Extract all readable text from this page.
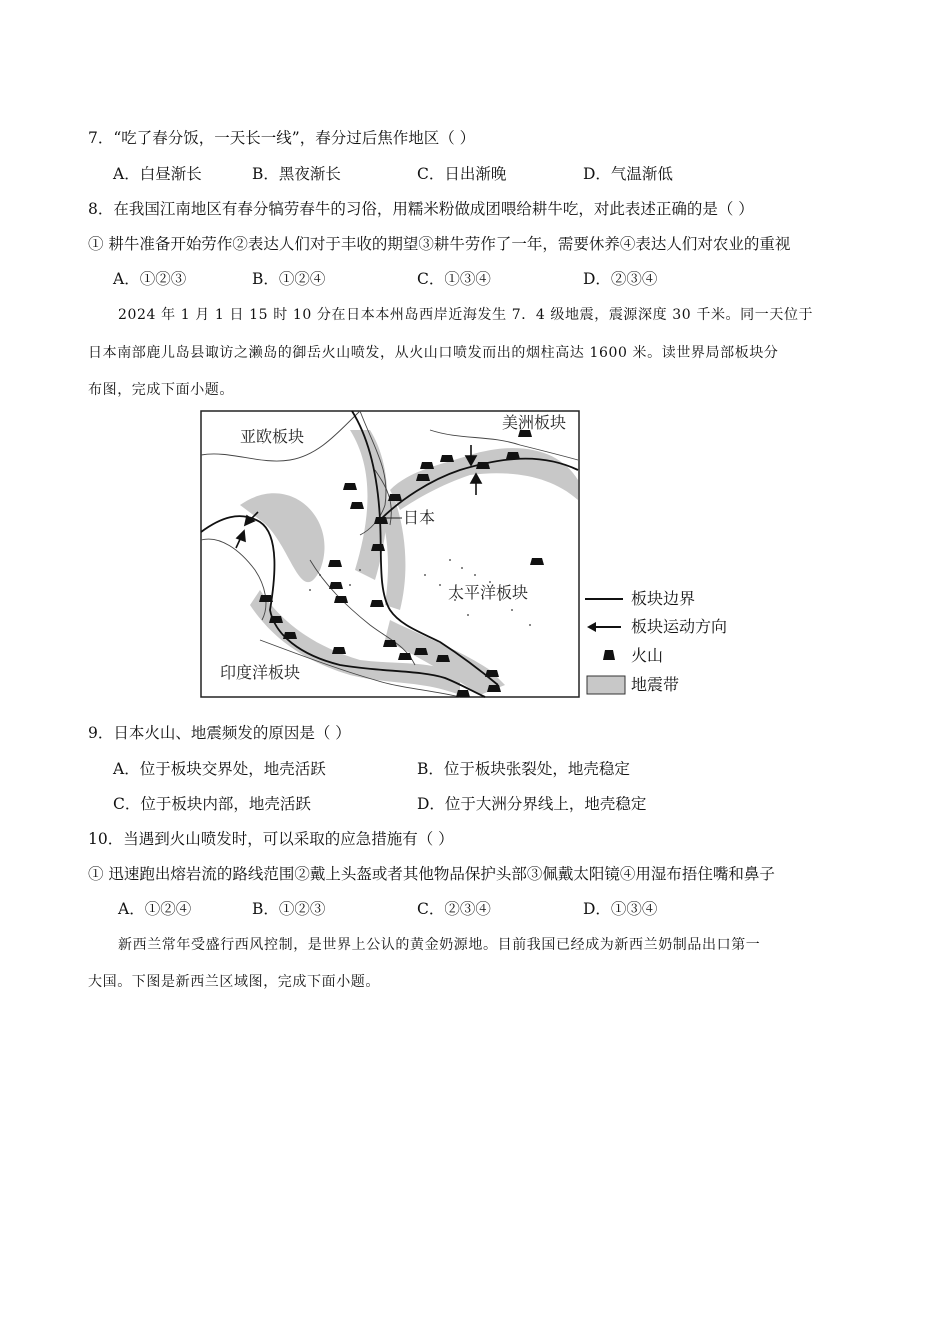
7．“吃了春分饭，一天长一线”，春分过后焦作地区（ ）
A．白昼渐长	B．黑夜渐长	C．日出渐晚	D．气温渐低
8．在我国江南地区有春分犒劳春牛的习俗，用糯米粉做成团喂给耕牛吃，对此表述正确的是（ ）
① 耕牛准备开始劳作②表达人们对于丰收的期望③耕牛劳作了一年，需要休养④表达人们对农业的重视
A．①②③	B．①②④	C．①③④	D．②③④
2024 年 1 月 1 日 15 时 10 分在日本本州岛西岸近海发生 7．4 级地震，震源深度 30 千米。同一天位于
日本南部鹿儿岛县诹访之濑岛的御岳火山喷发，从火山口喷发而出的烟柱高达 1600 米。读世界局部板块分
布图，完成下面小题。
亚欧板块
美洲板块
日本
太平洋板块
印度洋板块
板块边界
板块运动方向
火山
地震带
9．日本火山、地震频发的原因是（ ）
A．位于板块交界处，地壳活跃	B．位于板块张裂处，地壳稳定
C．位于板块内部，地壳活跃	D．位于大洲分界线上，地壳稳定
10．当遇到火山喷发时，可以采取的应急措施有（ ）
① 迅速跑出熔岩流的路线范围②戴上头盔或者其他物品保护头部③佩戴太阳镜④用湿布捂住嘴和鼻子
A．①②④	B．①②③	C．②③④	D．①③④
新西兰常年受盛行西风控制，是世界上公认的黄金奶源地。目前我国已经成为新西兰奶制品出口第一
大国。下图是新西兰区域图，完成下面小题。
